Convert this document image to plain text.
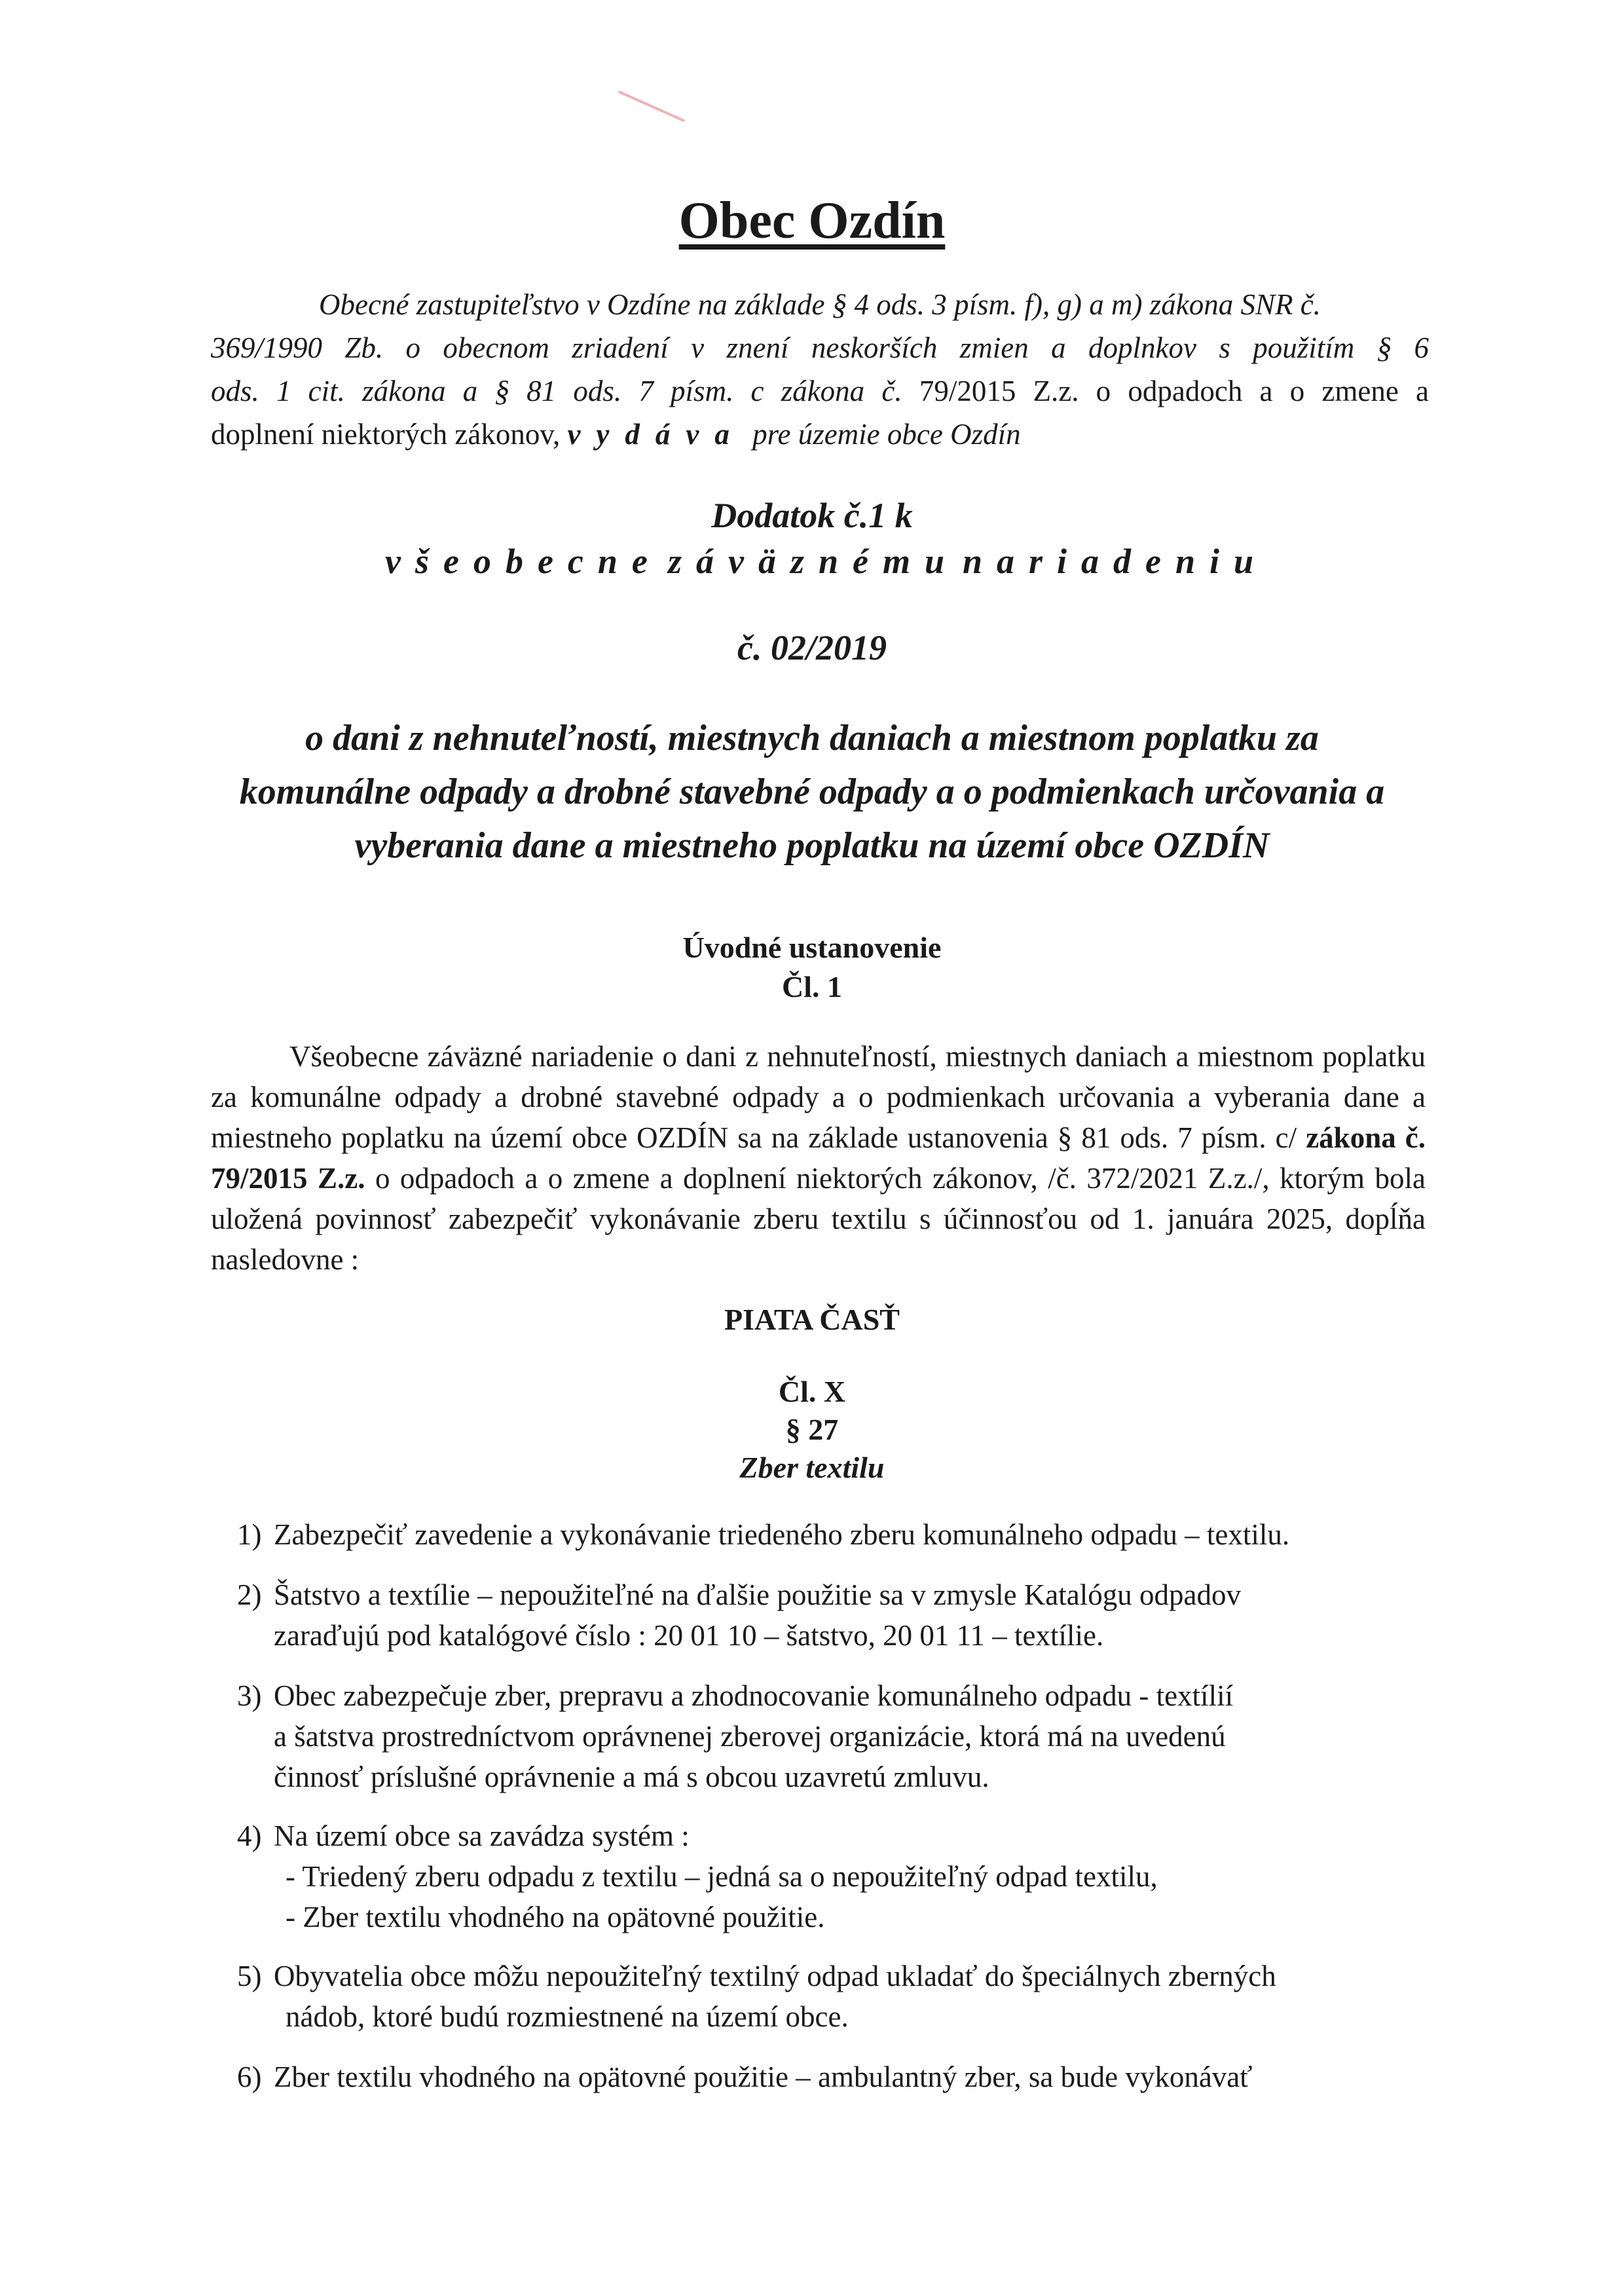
Obec Ozdín
Obecné zastupiteľstvo v Ozdíne na základe § 4 ods. 3 písm. f), g) a m) zákona SNR č.
369/1990 Zb. o obecnom zriadení v znení neskorších zmien a doplnkov s použitím § 6
ods. 1 cit. zákona a § 81 ods. 7 písm. c zákona č. 79/2015 Z.z. o odpadoch a o zmene a
doplnení niektorých zákonov, vydáva pre územie obce Ozdín
Dodatok č.1 k
všeobecne záväznému nariadeniu
č. 02/2019
o dani z nehnuteľností, miestnych daniach a miestnom poplatku za
komunálne odpady a drobné stavebné odpady a o podmienkach určovania a
vyberania dane a miestneho poplatku na území obce OZDÍN
Úvodné ustanovenie
Čl. 1
Všeobecne záväzné nariadenie o dani z nehnuteľností, miestnych daniach a miestnom poplatku za komunálne odpady a drobné stavebné odpady a o podmienkach určovania a vyberania dane a miestneho poplatku na území obce OZDÍN sa na základe ustanovenia § 81 ods. 7 písm. c/ zákona č. 79/2015 Z.z. o odpadoch a o zmene a doplnení niektorých zákonov, /č. 372/2021 Z.z./, ktorým bola uložená povinnosť zabezpečiť vykonávanie zberu textilu s účinnosťou od 1. januára 2025, dopĺňa nasledovne :
PIATA ČASŤ
Čl. X
§ 27
Zber textilu
1) Zabezpečiť zavedenie a vykonávanie triedeného zberu komunálneho odpadu – textilu.
2) Šatstvo a textílie – nepoužiteľné na ďalšie použitie sa v zmysle Katalógu odpadov
zaraďujú pod katalógové číslo : 20 01 10 – šatstvo, 20 01 11 – textílie.
3) Obec zabezpečuje zber, prepravu a zhodnocovanie komunálneho odpadu - textílií
a šatstva prostredníctvom oprávnenej zberovej organizácie, ktorá má na uvedenú
činnosť príslušné oprávnenie a má s obcou uzavretú zmluvu.
4) Na území obce sa zavádza systém :
- Triedený zberu odpadu z textilu – jedná sa o nepoužiteľný odpad textilu,
- Zber textilu vhodného na opätovné použitie.
5) Obyvatelia obce môžu nepoužiteľný textilný odpad ukladať do špeciálnych zberných
nádob, ktoré budú rozmiestnené na území obce.
6) Zber textilu vhodného na opätovné použitie – ambulantný zber, sa bude vykonávať
